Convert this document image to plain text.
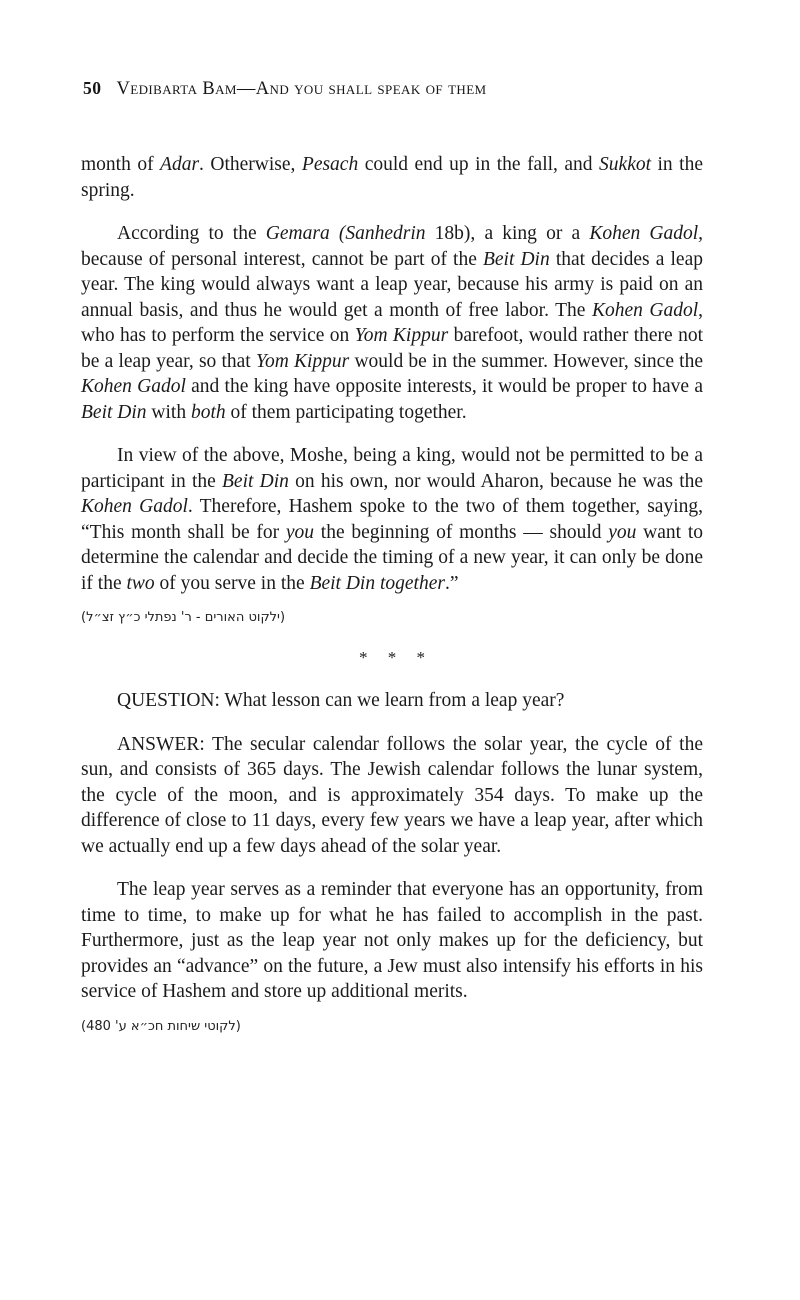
50 Vedibarta Bam—And you shall speak of them

month of Adar. Otherwise, Pesach could end up in the fall, and Sukkot in the spring.

According to the Gemara (Sanhedrin 18b), a king or a Kohen Gadol, because of personal interest, cannot be part of the Beit Din that decides a leap year. The king would always want a leap year, because his army is paid on an annual basis, and thus he would get a month of free labor. The Kohen Gadol, who has to perform the service on Yom Kippur barefoot, would rather there not be a leap year, so that Yom Kippur would be in the summer. However, since the Kohen Gadol and the king have opposite interests, it would be proper to have a Beit Din with both of them participating together.

In view of the above, Moshe, being a king, would not be permitted to be a participant in the Beit Din on his own, nor would Aharon, because he was the Kohen Gadol. Therefore, Hashem spoke to the two of them together, saying, “This month shall be for you the beginning of months — should you want to determine the calendar and decide the timing of a new year, it can only be done if the two of you serve in the Beit Din together.”

(ילקוט האורים - ר' נפתלי כ״ץ זצ״ל)
* * *

QUESTION: What lesson can we learn from a leap year?

ANSWER: The secular calendar follows the solar year, the cycle of the sun, and consists of 365 days. The Jewish calendar follows the lunar system, the cycle of the moon, and is approximately 354 days. To make up the difference of close to 11 days, every few years we have a leap year, after which we actually end up a few days ahead of the solar year.

The leap year serves as a reminder that everyone has an opportunity, from time to time, to make up for what he has failed to accomplish in the past. Furthermore, just as the leap year not only makes up for the deficiency, but provides an “advance” on the future, a Jew must also intensify his efforts in his service of Hashem and store up additional merits.

(לקוטי שיחות חכ״א ע' 480)
